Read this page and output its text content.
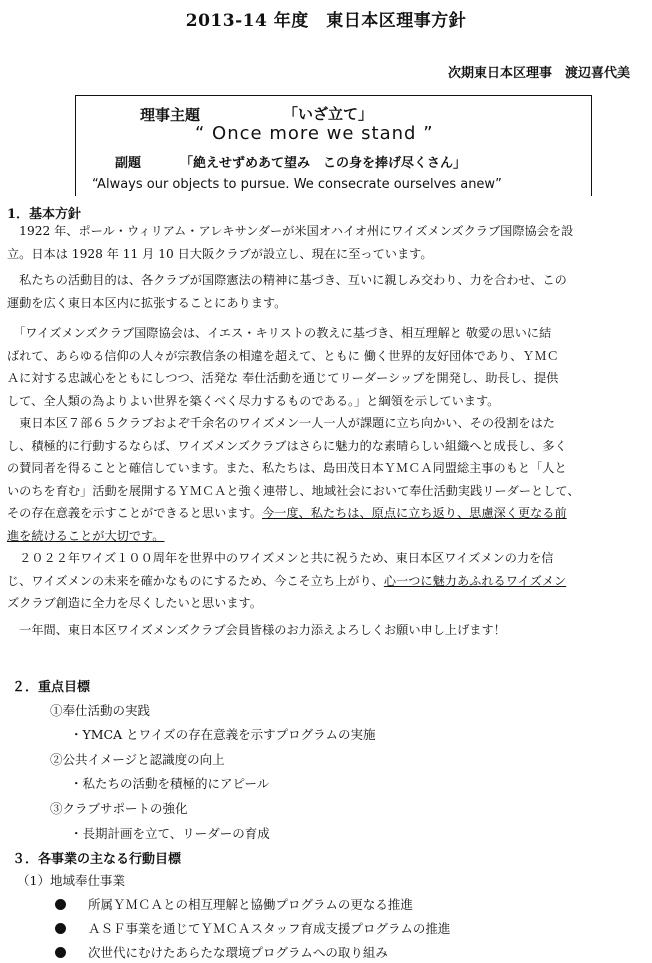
2013-14 年度　東日本区理事方針
次期東日本区理事　渡辺喜代美
理事主題	「いざ立て」
“ Once more we stand ”
副題	「絶えせずめあて望み　この身を捧げ尽くさん」
“Always our objects to pursue. We consecrate ourselves anew”
1．基本方針
　1922 年、ポール・ウィリアム・アレキサンダーが米国オハイオ州にワイズメンズクラブ国際協会を設
立。日本は 1928 年 11 月 10 日大阪クラブが設立し、現在に至っています。
　私たちの活動目的は、各クラブが国際憲法の精神に基づき、互いに親しみ交わり、力を合わせ、この
運動を広く東日本区内に拡张することにあります。
　「ワイズメンズクラブ国際協会は、イエス・キリストの教えに基づき、相互理解と 敬愛の思いに結
ばれて、あらゆる信仰の人々が宗教信条の相違を超えて、ともに 働く世界的友好団体であり、ＹＭＣ
Ａに対する忠誠心をともにしつつ、活発な 奉仕活動を通じてリーダーシップを開発し、助長し、提供
して、全人類の為よりよい世界を築くべく尽力するものである。」と綱領を示しています。
　東日本区７部６５クラブおよぞ千余名のワイズメン一人一人が課題に立ち向かい、その役割をはた
し、積極的に行動するならば、ワイズメンズクラブはさらに魅力的な素晴らしい組織へと成長し、多く
の賛同者を得ることと確信しています。また、私たちは、島田茂日本ＹＭＣＡ同盟総主事のもと「人と
いのちを育む」活動を展開するＹＭＣＡと強く連帯し、地域社会において奉仕活動実践リーダーとして、
その存在意義を示すことができると思います。今一度、私たちは、原点に立ち返り、思慮深く更なる前
進を続けることが大切です。
　２０２２年ワイズ１００周年を世界中のワイズメンと共に祝うため、東日本区ワイズメンの力を信
じ、ワイズメンの未来を確かなものにするため、今こそ立ち上がり、心一つに魅力あふれるワイズメン
ズクラブ創造に全力を尽くしたいと思います。
　一年間、東日本区ワイズメンズクラブ会員皆様のお力添えよろしくお願い申し上げます！
２．重点目標
①奉仕活動の実践
・YMCA とワイズの存在意義を示すプログラムの実施
②公共イメージと認識度の向上
・私たちの活動を積極的にアピール
③クラブサポートの強化
・長期計画を立て、リーダーの育成
３．各事業の主なる行動目標
（1）地域奉仕事業
所属ＹＭＣＡとの相互理解と協働プログラムの更なる推進
ＡＳＦ事業を通じてＹＭＣＡスタッフ育成支援プログラムの推進
次世代にむけたあらたな環境プログラムへの取り組み
